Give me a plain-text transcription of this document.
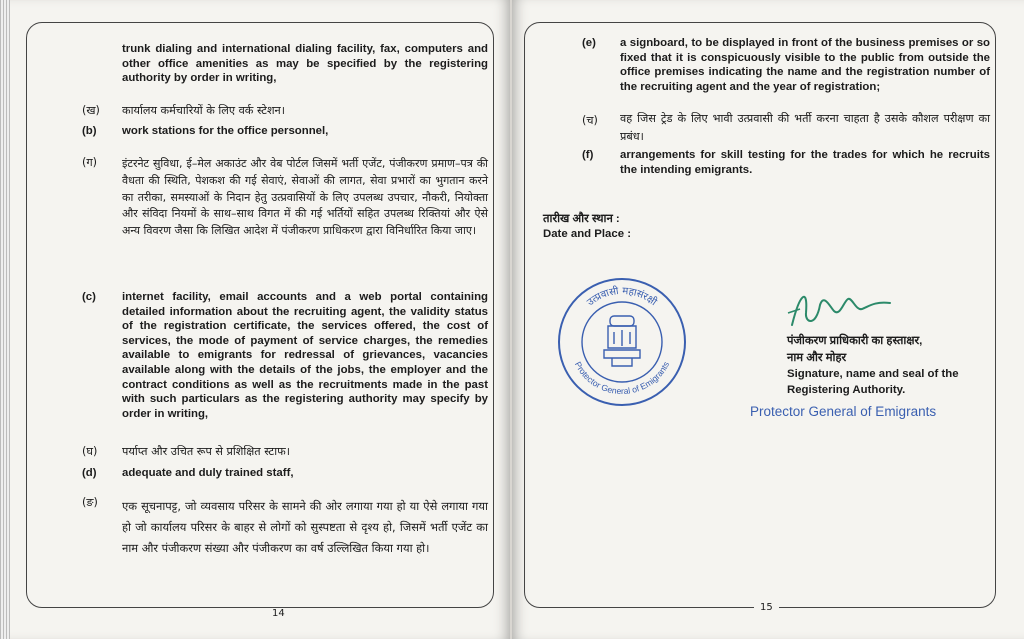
trunk dialing and international dialing facility, fax, computers and other office amenities as may be specified by the registering authority by order in writing,
(ख) कार्यालय कर्मचारियों के लिए वर्क स्टेशन।
(b) work stations for the office personnel,
(ग) इंटरनेट सुविधा, ई–मेल अकाउंट और वेब पोर्टल जिसमें भर्ती एजेंट, पंजीकरण प्रमाण–पत्र की वैधता की स्थिति, पेशकश की गई सेवाएं, सेवाओं की लागत, सेवा प्रभारों का भुगतान करने का तरीका, समस्याओं के निदान हेतु उत्प्रवासियों के लिए उपलब्ध उपचार, नौकरी, नियोक्ता और संविदा नियमों के साथ–साथ विगत में की गई भर्तियों सहित उपलब्ध रिक्तियां और ऐसे अन्य विवरण जैसा कि लिखित आदेश में पंजीकरण प्राधिकरण द्वारा विनिर्धारित किया जाए।
(c) internet facility, email accounts and a web portal containing detailed information about the recruiting agent, the validity status of the registration certificate, the services offered, the cost of services, the mode of payment of service charges, the remedies available to emigrants for redressal of grievances, vacancies available along with the details of the jobs, the employer and the contract conditions as well as the recruitments made in the past with such particulars as the registering authority may specify by order in writing,
(घ) पर्याप्त और उचित रूप से प्रशिक्षित स्टाफ।
(d) adequate and duly trained staff,
(ङ) एक सूचनापट्ट, जो व्यवसाय परिसर के सामने की ओर लगाया गया हो या ऐसे लगाया गया हो जो कार्यालय परिसर के बाहर से लोगों को सुस्पष्टता से दृश्य हो, जिसमें भर्ती एजेंट का नाम और पंजीकरण संख्या और पंजीकरण का वर्ष उल्लिखित किया गया हो।
14
(e) a signboard, to be displayed in front of the business premises or so fixed that it is conspicuously visible to the public from outside the office premises indicating the name and the registration number of the recruiting agent and the year of registration;
(च) वह जिस ट्रेड के लिए भावी उत्प्रवासी की भर्ती करना चाहता है उसके कौशल परीक्षण का प्रबंध।
(f) arrangements for skill testing for the trades for which he recruits the intending emigrants.
तारीख और स्थान :
Date and Place :
उत्प्रवासी महासंरक्षी
Protector General of Emigrants
पंजीकरण प्राधिकारी का हस्ताक्षर,
नाम और मोहर
Signature, name and seal of the
Registering Authority.
Protector General of Emigrants
15
